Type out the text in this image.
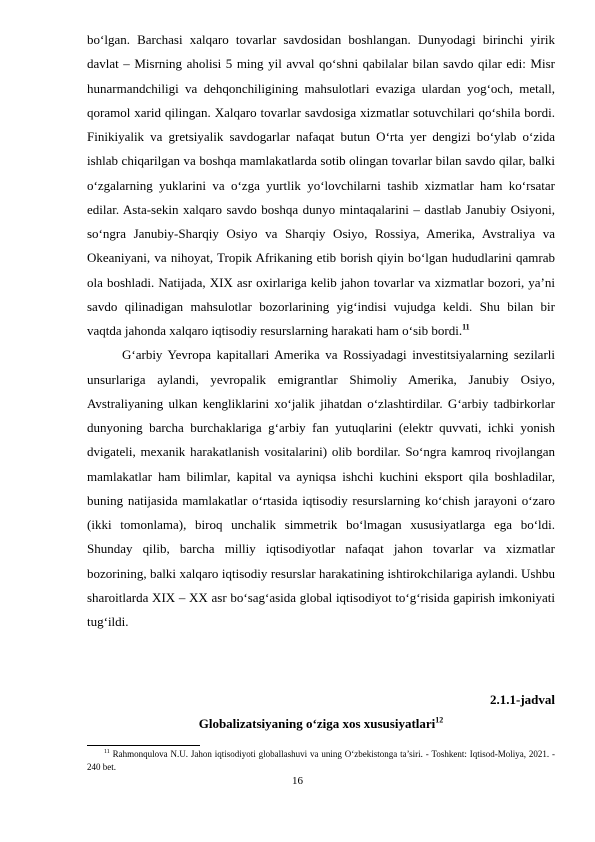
bo‘lgan. Barchasi xalqaro tovarlar savdosidan boshlangan. Dunyodagi birinchi yirik davlat – Misrning aholisi 5 ming yil avval qo‘shni qabilalar bilan savdo qilar edi: Misr hunarmandchiligi va dehqonchiligining mahsulotlari evaziga ulardan yog‘och, metall, qoramol xarid qilingan. Xalqaro tovarlar savdosiga xizmatlar sotuvchilari qo‘shila bordi. Finikiyalik va gretsiyalik savdogarlar nafaqat butun O‘rta yer dengizi bo‘ylab o‘zida ishlab chiqarilgan va boshqa mamlakatlarda sotib olingan tovarlar bilan savdo qilar, balki o‘zgalarning yuklarini va o‘zga yurtlik yo‘lovchilarni tashib xizmatlar ham ko‘rsatar edilar. Asta-sekin xalqaro savdo boshqa dunyo mintaqalarini – dastlab Janubiy Osiyoni, so‘ngra Janubiy-Sharqiy Osiyo va Sharqiy Osiyo, Rossiya, Amerika, Avstraliya va Okeaniyani, va nihoyat, Tropik Afrikaning etib borish qiyin bo‘lgan hududlarini qamrab ola boshladi. Natijada, XIX asr oxirlariga kelib jahon tovarlar va xizmatlar bozori, ya’ni savdo qilinadigan mahsulotlar bozorlarining yig‘indisi vujudga keldi. Shu bilan bir vaqtda jahonda xalqaro iqtisodiy resurslarning harakati ham o‘sib bordi.$^{11}$

G‘arbiy Yevropa kapitallari Amerika va Rossiyadagi investitsiyalarning sezilarli unsurlariga aylandi, yevropalik emigrantlar Shimoliy Amerika, Janubiy Osiyo, Avstraliyaning ulkan kengliklarini xo‘jalik jihatdan o‘zlashtirdilar. G‘arbiy tadbirkorlar dunyoning barcha burchaklariga g‘arbiy fan yutuqlarini (elektr quvvati, ichki yonish dvigateli, mexanik harakatlanish vositalarini) olib bordilar. So‘ngra kamroq rivojlangan mamlakatlar ham bilimlar, kapital va ayniqsa ishchi kuchini eksport qila boshladilar, buning natijasida mamlakatlar o‘rtasida iqtisodiy resurslarning ko‘chish jarayoni o‘zaro (ikki tomonlama), biroq unchalik simmetrik bo‘lmagan xususiyatlarga ega bo‘ldi. Shunday qilib, barcha milliy iqtisodiyotlar nafaqat jahon tovarlar va xizmatlar bozorining, balki xalqaro iqtisodiy resurslar harakatining ishtirokchilariga aylandi. Ushbu sharoitlarda XIX – XX asr bo‘sag‘asida global iqtisodiyot to‘g‘risida gapirish imkoniyati tug‘ildi.

2.1.1-jadval
Globalizatsiyaning o‘ziga xos xususiyatlari$^{12}$
$^{11}$ Rahmonqulova N.U. Jahon iqtisodiyoti globallashuvi va uning O‘zbekistonga ta’siri. - Toshkent: Iqtisod-Moliya, 2021. - 240 bet.
16
